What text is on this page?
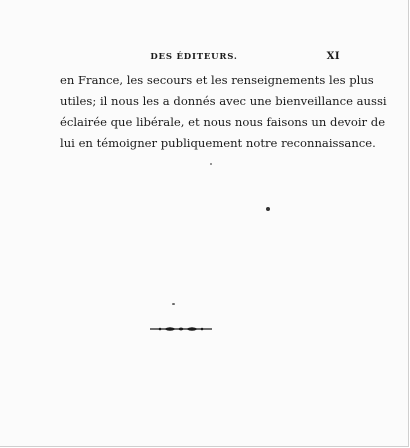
DES ÉDITEURS.	XI
en France, les secours et les renseignements les plus
utiles; il nous les a donnés avec une bienveillance aussi
éclairée que libérale, et nous nous faisons un devoir de
lui en témoigner publiquement notre reconnaissance.
